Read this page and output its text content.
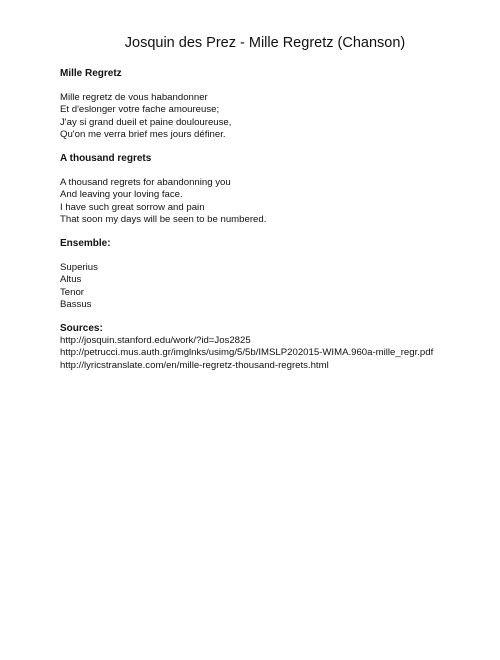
Josquin des Prez - Mille Regretz (Chanson)

Mille Regretz

Mille regretz de vous habandonner
Et d'eslonger votre fache amoureuse;
J'ay si grand dueil et paine douloureuse,
Qu'on me verra brief mes jours définer.

A thousand regrets

A thousand regrets for abandonning you
And leaving your loving face.
I have such great sorrow and pain
That soon my days will be seen to be numbered.

Ensemble:

Superius
Altus
Tenor
Bassus

Sources:

http://josquin.stanford.edu/work/?id=Jos2825
http://petrucci.mus.auth.gr/imglnks/usimg/5/5b/IMSLP202015-WIMA.960a-mille_regr.pdf
http://lyricstranslate.com/en/mille-regretz-thousand-regrets.html
